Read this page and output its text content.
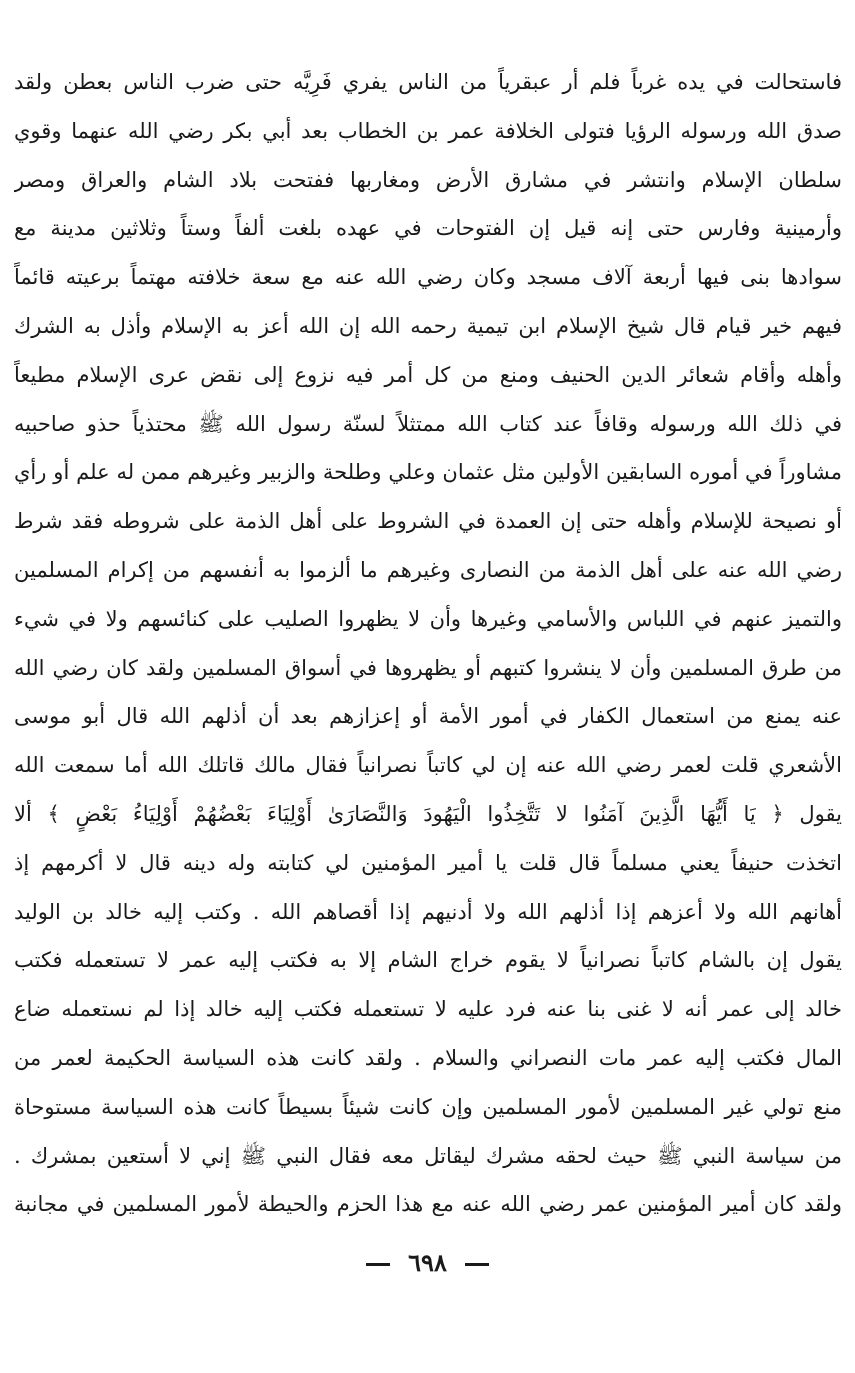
فاستحالت في يده غرباً فلم أر عبقرياً من الناس يفري فَرِيَّه حتى ضرب الناس بعطن ولقد
صدق الله ورسوله الرؤيا فتولى الخلافة عمر بن الخطاب بعد أبي بكر رضي الله عنهما وقوي
سلطان الإسلام وانتشر في مشارق الأرض ومغاربها ففتحت بلاد الشام والعراق ومصر
وأرمينية وفارس حتى إنه قيل إن الفتوحات في عهده بلغت ألفاً وستاً وثلاثين مدينة مع
سوادها بنى فيها أربعة آلاف مسجد وكان رضي الله عنه مع سعة خلافته مهتماً برعيته قائماً
فيهم خير قيام قال شيخ الإسلام ابن تيمية رحمه الله إن الله أعز به الإسلام وأذل به الشرك
وأهله وأقام شعائر الدين الحنيف ومنع من كل أمر فيه نزوع إلى نقض عرى الإسلام مطيعاً
في ذلك الله ورسوله وقافاً عند كتاب الله ممتثلاً لسنّة رسول الله ﷺ محتذياً حذو صاحبيه
مشاوراً في أموره السابقين الأولين مثل عثمان وعلي وطلحة والزبير وغيرهم ممن له علم أو رأي
أو نصيحة للإسلام وأهله حتى إن العمدة في الشروط على أهل الذمة على شروطه فقد شرط
رضي الله عنه على أهل الذمة من النصارى وغيرهم ما ألزموا به أنفسهم من إكرام المسلمين
والتميز عنهم في اللباس والأسامي وغيرها وأن لا يظهروا الصليب على كنائسهم ولا في شيء
من طرق المسلمين وأن لا ينشروا كتبهم أو يظهروها في أسواق المسلمين ولقد كان رضي الله
عنه يمنع من استعمال الكفار في أمور الأمة أو إعزازهم بعد أن أذلهم الله قال أبو موسى
الأشعري قلت لعمر رضي الله عنه إن لي كاتباً نصرانياً فقال مالك قاتلك الله أما سمعت الله
يقول ﴿ يَا أَيُّهَا الَّذِينَ آمَنُوا لا تَتَّخِذُوا الْيَهُودَ وَالنَّصَارَىٰ أَوْلِيَاءَ بَعْضُهُمْ أَوْلِيَاءُ بَعْضٍ ﴾ ألا
اتخذت حنيفاً يعني مسلماً قال قلت يا أمير المؤمنين لي كتابته وله دينه قال لا أكرمهم إذ
أهانهم الله ولا أعزهم إذا أذلهم الله ولا أدنيهم إذا أقصاهم الله . وكتب إليه خالد بن الوليد
يقول إن بالشام كاتباً نصرانياً لا يقوم خراج الشام إلا به فكتب إليه عمر لا تستعمله فكتب
خالد إلى عمر أنه لا غنى بنا عنه فرد عليه لا تستعمله فكتب إليه خالد إذا لم نستعمله ضاع
المال فكتب إليه عمر مات النصراني والسلام . ولقد كانت هذه السياسة الحكيمة لعمر من
منع تولي غير المسلمين لأمور المسلمين وإن كانت شيئاً بسيطاً كانت هذه السياسة مستوحاة
من سياسة النبي ﷺ حيث لحقه مشرك ليقاتل معه فقال النبي ﷺ إني لا أستعين بمشرك .
ولقد كان أمير المؤمنين عمر رضي الله عنه مع هذا الحزم والحيطة لأمور المسلمين في مجانبة
٦٩٨
